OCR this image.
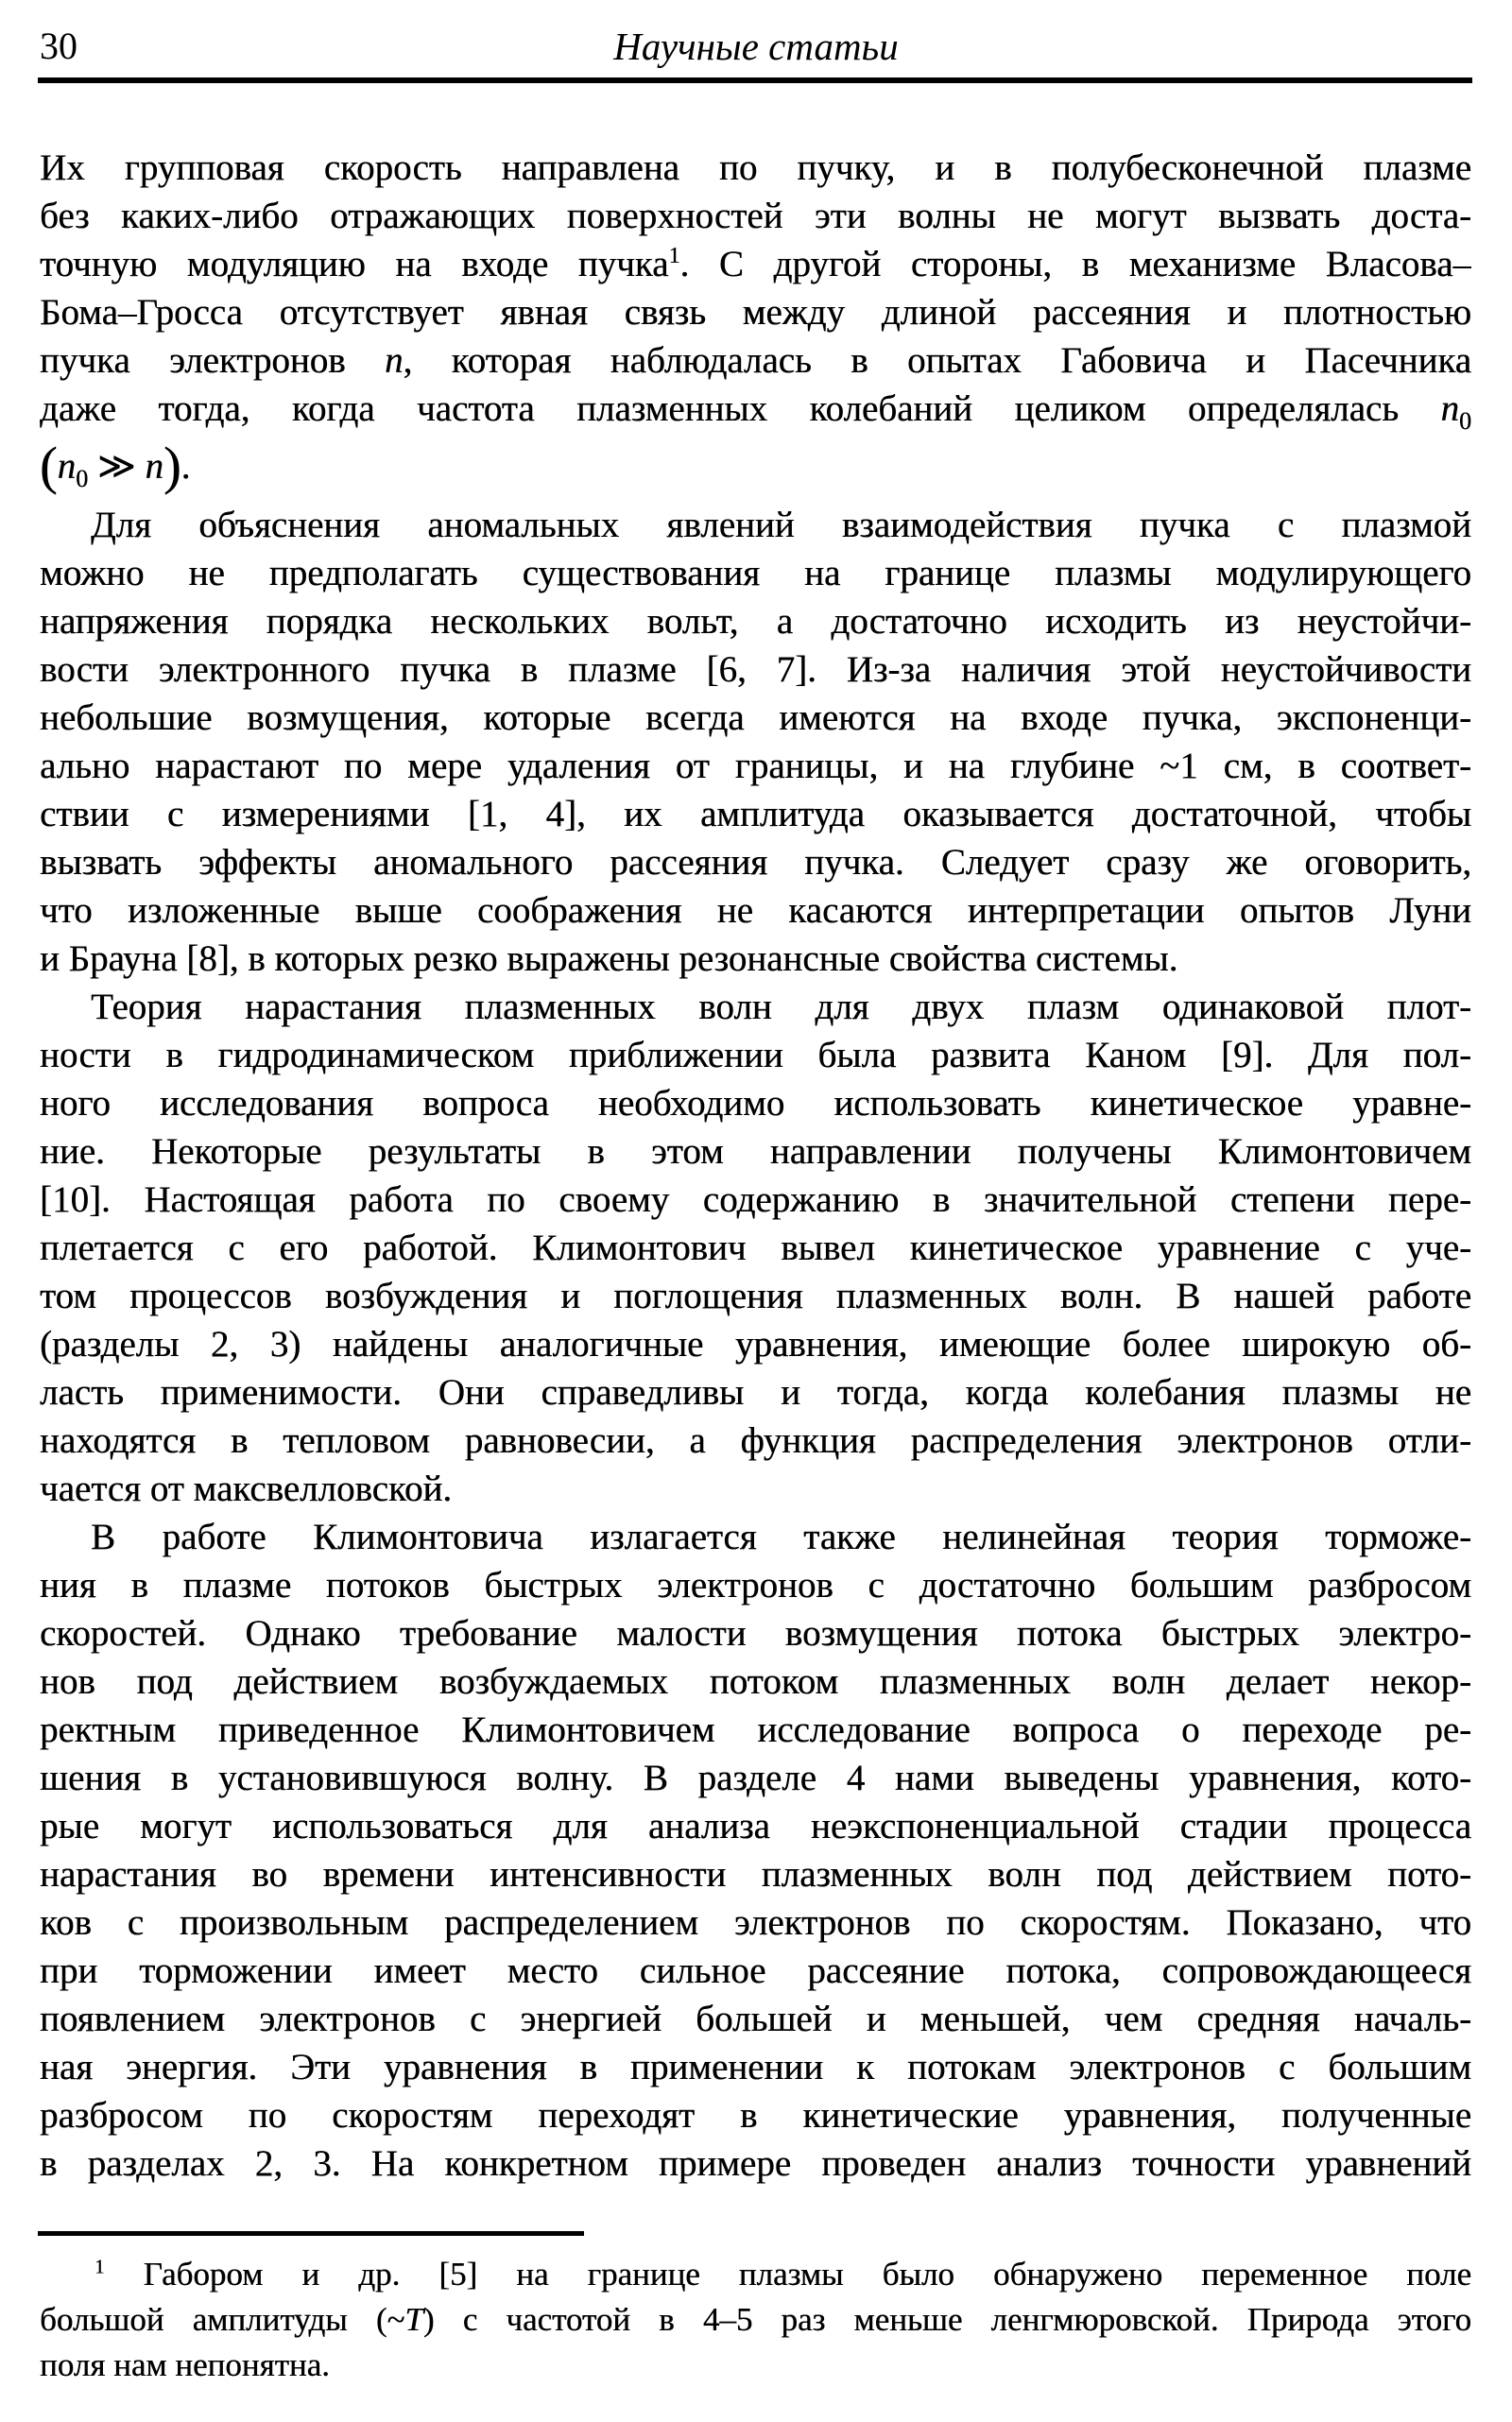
30	Научные статьи
Их групповая скорость направлена по пучку, и в полубесконечной плазме
без каких-либо отражающих поверхностей эти волны не могут вызвать доста-
точную модуляцию на входе пучка$^1$. С другой стороны, в механизме Власова–
Бома–Гросса отсутствует явная связь между длиной рассеяния и плотностью
пучка электронов n, которая наблюдалась в опытах Габовича и Пасечника
даже тогда, когда частота плазменных колебаний целиком определялась $n_0$
($n_0$ ≫ n).
Для объяснения аномальных явлений взаимодействия пучка с плазмой
можно не предполагать существования на границе плазмы модулирующего
напряжения порядка нескольких вольт, а достаточно исходить из неустойчи-
вости электронного пучка в плазме [6, 7]. Из-за наличия этой неустойчивости
небольшие возмущения, которые всегда имеются на входе пучка, экспоненци-
ально нарастают по мере удаления от границы, и на глубине ~1 см, в соответ-
ствии с измерениями [1, 4], их амплитуда оказывается достаточной, чтобы
вызвать эффекты аномального рассеяния пучка. Следует сразу же оговорить,
что изложенные выше соображения не касаются интерпретации опытов Луни
и Брауна [8], в которых резко выражены резонансные свойства системы.
Теория нарастания плазменных волн для двух плазм одинаковой плот-
ности в гидродинамическом приближении была развита Каном [9]. Для пол-
ного исследования вопроса необходимо использовать кинетическое уравне-
ние. Некоторые результаты в этом направлении получены Климонтовичем
[10]. Настоящая работа по своему содержанию в значительной степени пере-
плетается с его работой. Климонтович вывел кинетическое уравнение с уче-
том процессов возбуждения и поглощения плазменных волн. В нашей работе
(разделы 2, 3) найдены аналогичные уравнения, имеющие более широкую об-
ласть применимости. Они справедливы и тогда, когда колебания плазмы не
находятся в тепловом равновесии, а функция распределения электронов отли-
чается от максвелловской.
В работе Климонтовича излагается также нелинейная теория торможе-
ния в плазме потоков быстрых электронов с достаточно большим разбросом
скоростей. Однако требование малости возмущения потока быстрых электро-
нов под действием возбуждаемых потоком плазменных волн делает некор-
ректным приведенное Климонтовичем исследование вопроса о переходе ре-
шения в установившуюся волну. В разделе 4 нами выведены уравнения, кото-
рые могут использоваться для анализа неэкспоненциальной стадии процесса
нарастания во времени интенсивности плазменных волн под действием пото-
ков с произвольным распределением электронов по скоростям. Показано, что
при торможении имеет место сильное рассеяние потока, сопровождающееся
появлением электронов с энергией большей и меньшей, чем средняя началь-
ная энергия. Эти уравнения в применении к потокам электронов с большим
разбросом по скоростям переходят в кинетические уравнения, полученные
в разделах 2, 3. На конкретном примере проведен анализ точности уравнений
$^1$ Габором и др. [5] на границе плазмы было обнаружено переменное поле
большой амплитуды (~T) с частотой в 4–5 раз меньше ленгмюровской. Природа этого
поля нам непонятна.
